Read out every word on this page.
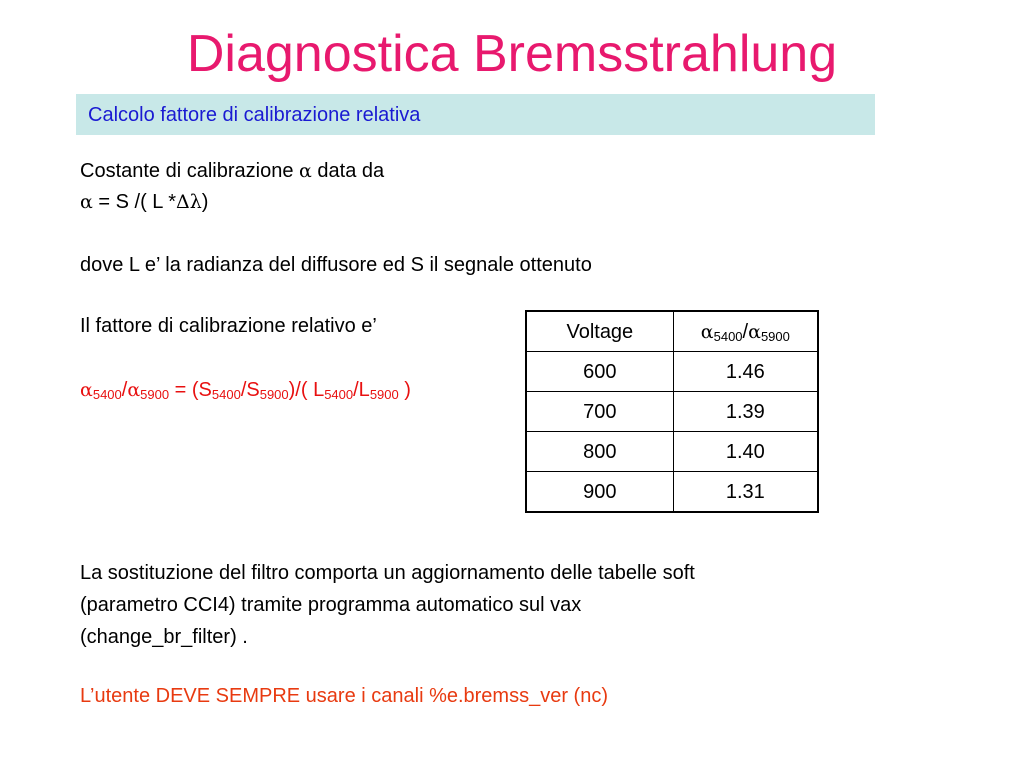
Diagnostica Bremsstrahlung
Calcolo fattore di calibrazione relativa
Costante di calibrazione α data da
α = S /( L *Δλ)
dove L e’ la radianza del diffusore ed S il segnale ottenuto
Il fattore di calibrazione relativo e’
$\alpha_{5400}/\alpha_{5900} = (S_{5400}/S_{5900})/$( $L_{5400}/L_{5900}$ )
Voltage	$\alpha_{5400}/\alpha_{5900}$
600	1.46
700	1.39
800	1.40
900	1.31
La sostituzione del filtro comporta un aggiornamento delle tabelle soft
(parametro CCI4) tramite programma automatico sul vax
(change_br_filter) .
L’utente DEVE SEMPRE usare i canali %e.bremss_ver (nc)
